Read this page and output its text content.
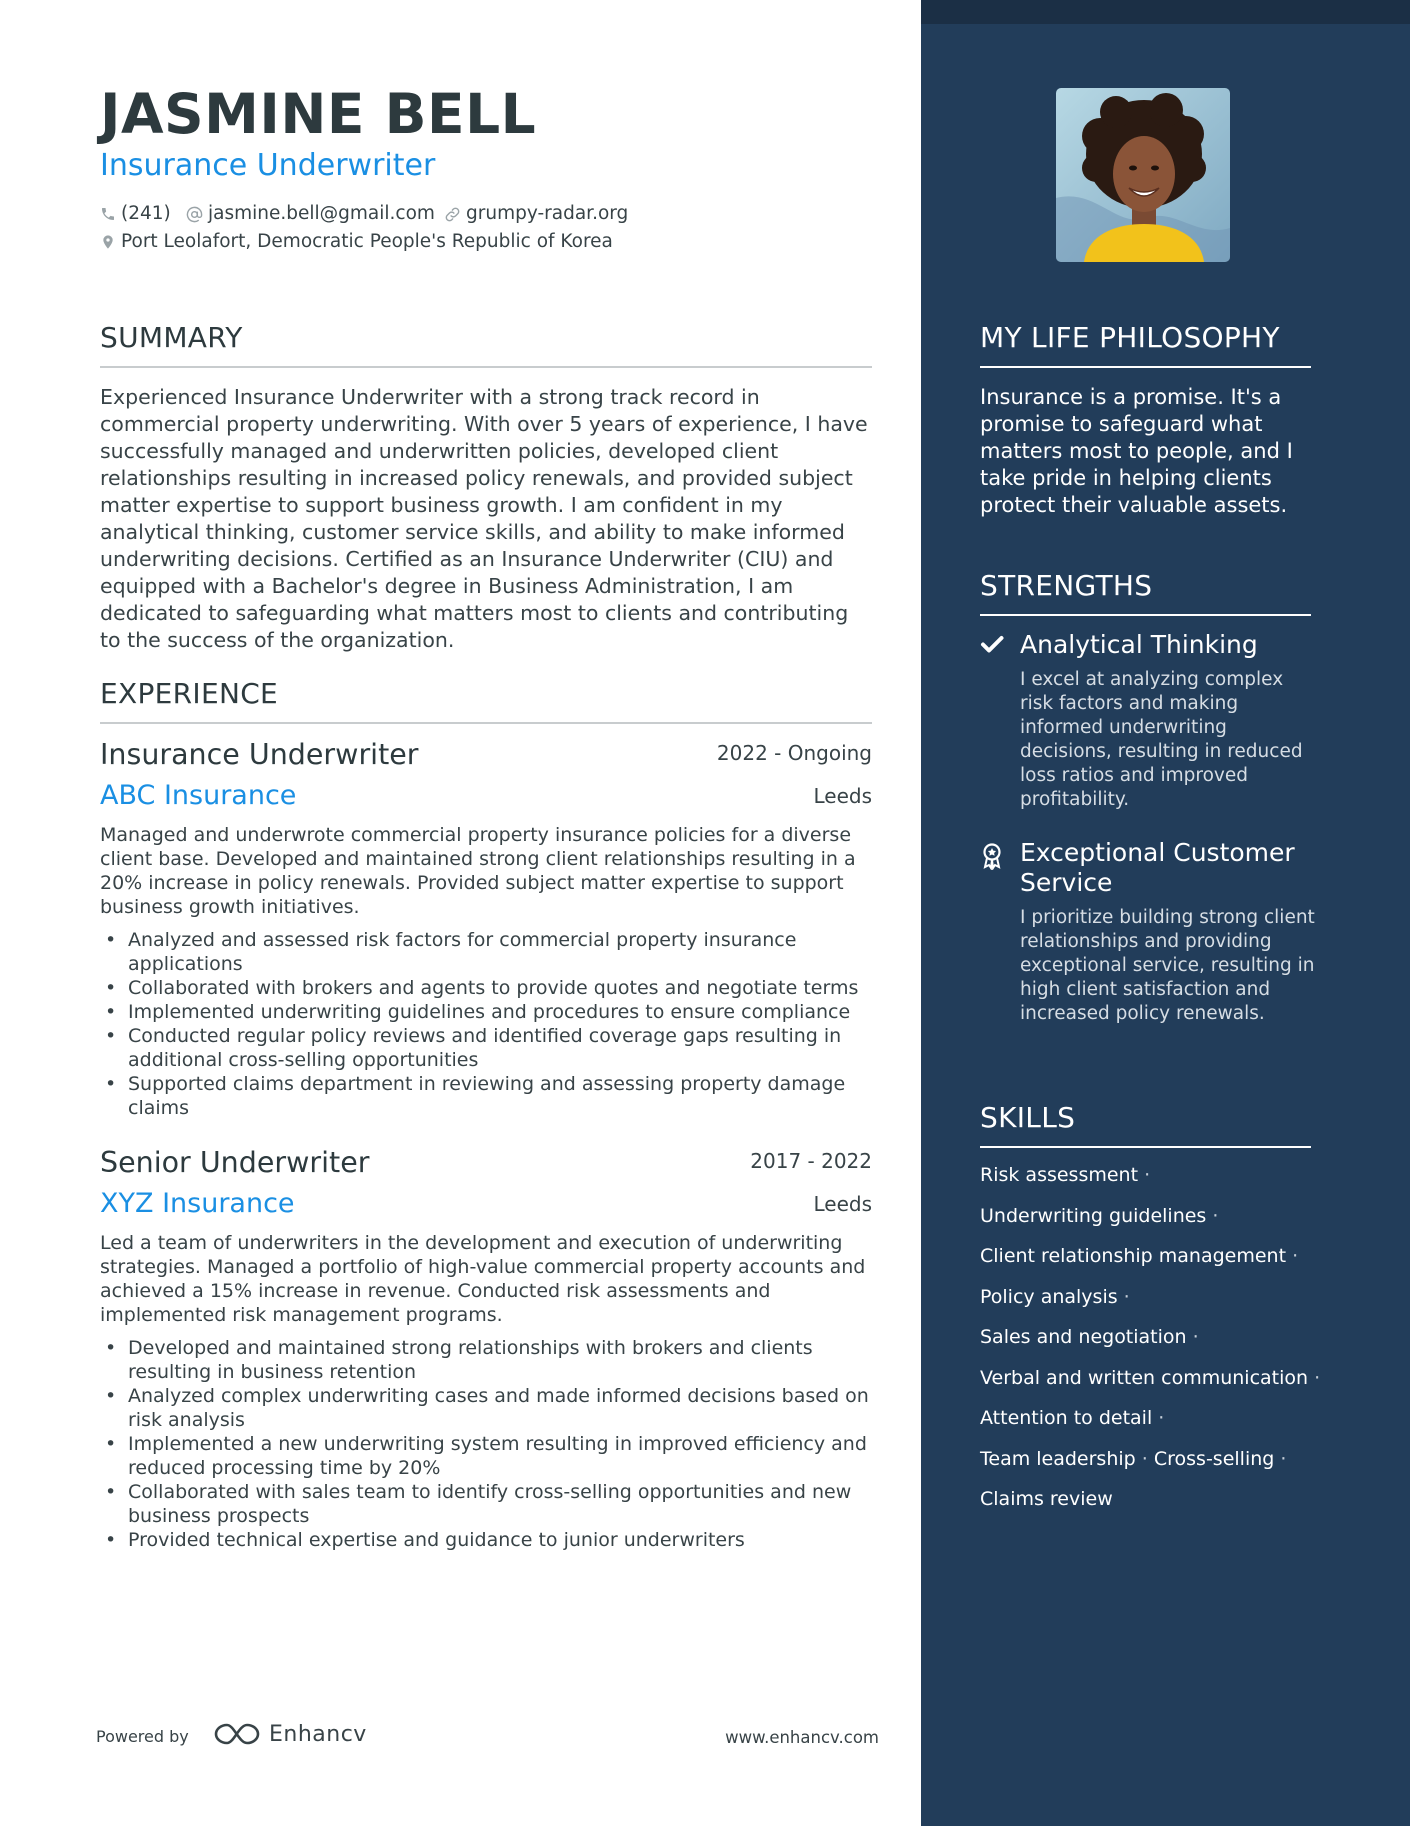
JASMINE BELL
Insurance Underwriter
(241) jasmine.bell@gmail.com grumpy-radar.org
Port Leolafort, Democratic People's Republic of Korea
SUMMARY
Experienced Insurance Underwriter with a strong track record in commercial property underwriting. With over 5 years of experience, I have successfully managed and underwritten policies, developed client relationships resulting in increased policy renewals, and provided subject matter expertise to support business growth. I am confident in my analytical thinking, customer service skills, and ability to make informed underwriting decisions. Certified as an Insurance Underwriter (CIU) and equipped with a Bachelor's degree in Business Administration, I am dedicated to safeguarding what matters most to clients and contributing to the success of the organization.
EXPERIENCE
Insurance Underwriter	2022 - Ongoing
ABC Insurance	Leeds
Managed and underwrote commercial property insurance policies for a diverse client base. Developed and maintained strong client relationships resulting in a 20% increase in policy renewals. Provided subject matter expertise to support business growth initiatives.
• Analyzed and assessed risk factors for commercial property insurance applications
• Collaborated with brokers and agents to provide quotes and negotiate terms
• Implemented underwriting guidelines and procedures to ensure compliance
• Conducted regular policy reviews and identified coverage gaps resulting in additional cross-selling opportunities
• Supported claims department in reviewing and assessing property damage claims
Senior Underwriter	2017 - 2022
XYZ Insurance	Leeds
Led a team of underwriters in the development and execution of underwriting strategies. Managed a portfolio of high-value commercial property accounts and achieved a 15% increase in revenue. Conducted risk assessments and implemented risk management programs.
• Developed and maintained strong relationships with brokers and clients resulting in business retention
• Analyzed complex underwriting cases and made informed decisions based on risk analysis
• Implemented a new underwriting system resulting in improved efficiency and reduced processing time by 20%
• Collaborated with sales team to identify cross-selling opportunities and new business prospects
• Provided technical expertise and guidance to junior underwriters
Powered by	Enhancv	www.enhancv.com
MY LIFE PHILOSOPHY
Insurance is a promise. It's a promise to safeguard what matters most to people, and I take pride in helping clients protect their valuable assets.
STRENGTHS
Analytical Thinking
I excel at analyzing complex risk factors and making informed underwriting decisions, resulting in reduced loss ratios and improved profitability.
Exceptional Customer Service
I prioritize building strong client relationships and providing exceptional service, resulting in high client satisfaction and increased policy renewals.
SKILLS
Risk assessment ·
Underwriting guidelines ·
Client relationship management ·
Policy analysis ·
Sales and negotiation ·
Verbal and written communication ·
Attention to detail ·
Team leadership · Cross-selling ·
Claims review
